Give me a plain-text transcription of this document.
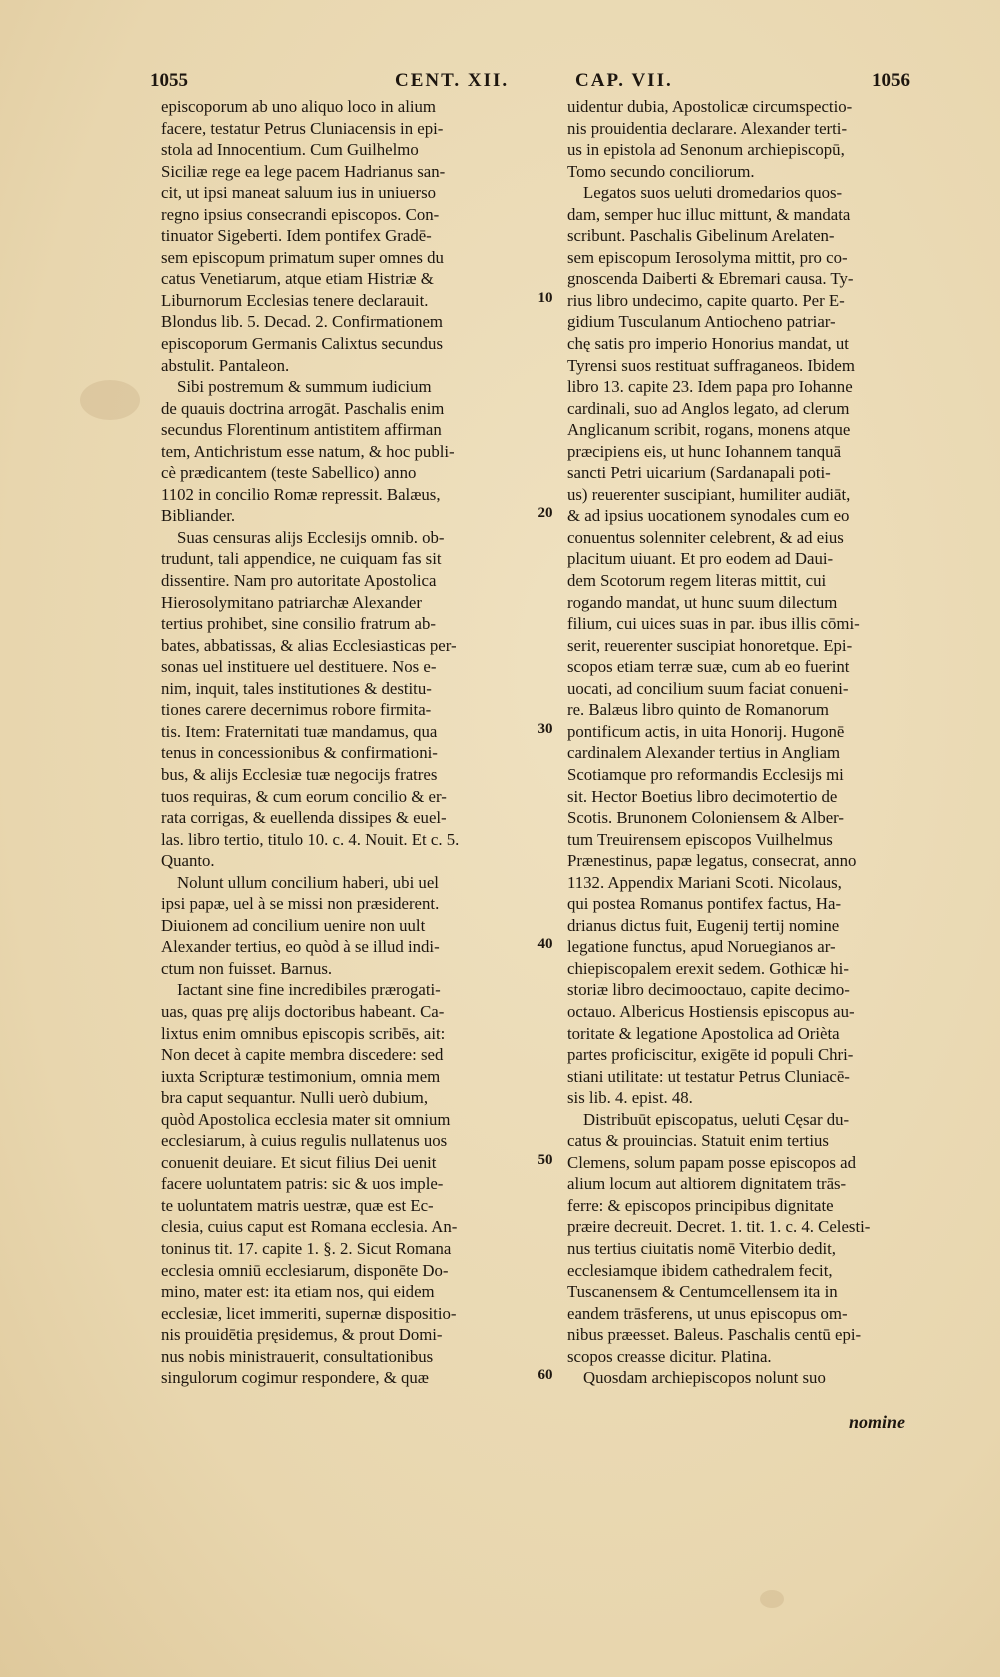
1055	CENT. XII.	CAP. VII.	1056
episcoporum ab uno aliquo loco in alium
facere, testatur Petrus Cluniacensis in epi-
stola ad Innocentium. Cum Guilhelmo
Siciliæ rege ea lege pacem Hadrianus san-
cit, ut ipsi maneat saluum ius in uniuerso
regno ipsius consecrandi episcopos. Con-
tinuator Sigeberti. Idem pontifex Gradē-
sem episcopum primatum super omnes du
catus Venetiarum, atque etiam Histriæ &
Liburnorum Ecclesias tenere declarauit.
Blondus lib. 5. Decad. 2. Confirmationem
episcoporum Germanis Calixtus secundus
abstulit. Pantaleon.
Sibi postremum & summum iudicium
de quauis doctrina arrogāt. Paschalis enim
secundus Florentinum antistitem affirman
tem, Antichristum esse natum, & hoc publi-
cè prædicantem (teste Sabellico) anno
1102 in concilio Romæ repressit. Balæus,
Bibliander.
Suas censuras alijs Ecclesijs omnib. ob-
trudunt, tali appendice, ne cuiquam fas sit
dissentire. Nam pro autoritate Apostolica
Hierosolymitano patriarchæ Alexander
tertius prohibet, sine consilio fratrum ab-
bates, abbatissas, & alias Ecclesiasticas per-
sonas uel instituere uel destituere. Nos e-
nim, inquit, tales institutiones & destitu-
tiones carere decernimus robore firmita-
tis. Item: Fraternitati tuæ mandamus, qua
tenus in concessionibus & confirmationi-
bus, & alijs Ecclesiæ tuæ negocijs fratres
tuos requiras, & cum eorum concilio & er-
rata corrigas, & euellenda dissipes & euel-
las. libro tertio, titulo 10. c. 4. Nouit. Et c. 5.
Quanto.
Nolunt ullum concilium haberi, ubi uel
ipsi papæ, uel à se missi non præsiderent.
Diuionem ad concilium uenire non uult
Alexander tertius, eo quòd à se illud indi-
ctum non fuisset. Barnus.
Iactant sine fine incredibiles prærogati-
uas, quas prę alijs doctoribus habeant. Ca-
lixtus enim omnibus episcopis scribēs, ait:
Non decet à capite membra discedere: sed
iuxta Scripturæ testimonium, omnia mem
bra caput sequantur. Nulli uerò dubium,
quòd Apostolica ecclesia mater sit omnium
ecclesiarum, à cuius regulis nullatenus uos
conuenit deuiare. Et sicut filius Dei uenit
facere uoluntatem patris: sic & uos imple-
te uoluntatem matris uestræ, quæ est Ec-
clesia, cuius caput est Romana ecclesia. An-
toninus tit. 17. capite 1. §. 2. Sicut Romana
ecclesia omniū ecclesiarum, disponēte Do-
mino, mater est: ita etiam nos, qui eidem
ecclesiæ, licet immeriti, supernæ dispositio-
nis prouidētia pręsidemus, & prout Domi-
nus nobis ministrauerit, consultationibus
singulorum cogimur respondere, & quæ
uidentur dubia, Apostolicæ circumspectio-
nis prouidentia declarare. Alexander terti-
us in epistola ad Senonum archiepiscopū,
Tomo secundo conciliorum.
Legatos suos ueluti dromedarios quos-
dam, semper huc illuc mittunt, & mandata
scribunt. Paschalis Gibelinum Arelaten-
sem episcopum Ierosolyma mittit, pro co-
gnoscenda Daiberti & Ebremari causa. Ty-
rius libro undecimo, capite quarto. Per E-
gidium Tusculanum Antiocheno patriar-
chę satis pro imperio Honorius mandat, ut
Tyrensi suos restituat suffraganeos. Ibidem
libro 13. capite 23. Idem papa pro Iohanne
cardinali, suo ad Anglos legato, ad clerum
Anglicanum scribit, rogans, monens atque
præcipiens eis, ut hunc Iohannem tanquā
sancti Petri uicarium (Sardanapali poti-
us) reuerenter suscipiant, humiliter audiāt,
& ad ipsius uocationem synodales cum eo
conuentus solenniter celebrent, & ad eius
placitum uiuant. Et pro eodem ad Daui-
dem Scotorum regem literas mittit, cui
rogando mandat, ut hunc suum dilectum
filium, cui uices suas in par. ibus illis cōmi-
serit, reuerenter suscipiat honoretque. Epi-
scopos etiam terræ suæ, cum ab eo fuerint
uocati, ad concilium suum faciat conueni-
re. Balæus libro quinto de Romanorum
pontificum actis, in uita Honorij. Hugonē
cardinalem Alexander tertius in Angliam
Scotiamque pro reformandis Ecclesijs mi
sit. Hector Boetius libro decimotertio de
Scotis. Brunonem Coloniensem & Alber-
tum Treuirensem episcopos Vuilhelmus
Prænestinus, papæ legatus, consecrat, anno
1132. Appendix Mariani Scoti. Nicolaus,
qui postea Romanus pontifex factus, Ha-
drianus dictus fuit, Eugenij tertij nomine
legatione functus, apud Noruegianos ar-
chiepiscopalem erexit sedem. Gothicæ hi-
storiæ libro decimooctauo, capite decimo-
octauo. Albericus Hostiensis episcopus au-
toritate & legatione Apostolica ad Orièta
partes proficiscitur, exigēte id populi Chri-
stiani utilitate: ut testatur Petrus Cluniacē-
sis lib. 4. epist. 48.
Distribuūt episcopatus, ueluti Cęsar du-
catus & prouincias. Statuit enim tertius
Clemens, solum papam posse episcopos ad
alium locum aut altiorem dignitatem trās-
ferre: & episcopos principibus dignitate
præire decreuit. Decret. 1. tit. 1. c. 4. Celesti-
nus tertius ciuitatis nomē Viterbio dedit,
ecclesiamque ibidem cathedralem fecit,
Tuscanensem & Centumcellensem ita in
eandem trāsferens, ut unus episcopus om-
nibus præesset. Baleus. Paschalis centū epi-
scopos creasse dicitur. Platina.
Quosdam archiepiscopos nolunt suo
10
20
30
40
50
60
nomine
